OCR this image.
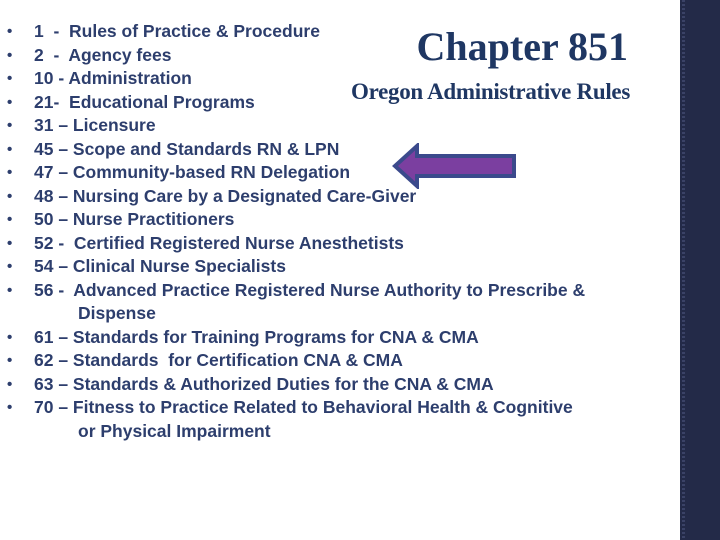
Chapter 851
Oregon Administrative Rules
• 1  -  Rules of Practice & Procedure
• 2  -  Agency fees
• 10 - Administration
• 21-  Educational Programs
• 31 – Licensure
• 45 – Scope and Standards RN & LPN
• 47 – Community-based RN Delegation
• 48 – Nursing Care by a Designated Care-Giver
• 50 – Nurse Practitioners
• 52 -  Certified Registered Nurse Anesthetists
• 54 – Clinical Nurse Specialists
• 56 -  Advanced Practice Registered Nurse Authority to Prescribe &
Dispense
• 61 – Standards for Training Programs for CNA & CMA
• 62 – Standards  for Certification CNA & CMA
• 63 – Standards & Authorized Duties for the CNA & CMA
• 70 – Fitness to Practice Related to Behavioral Health & Cognitive
or Physical Impairment
